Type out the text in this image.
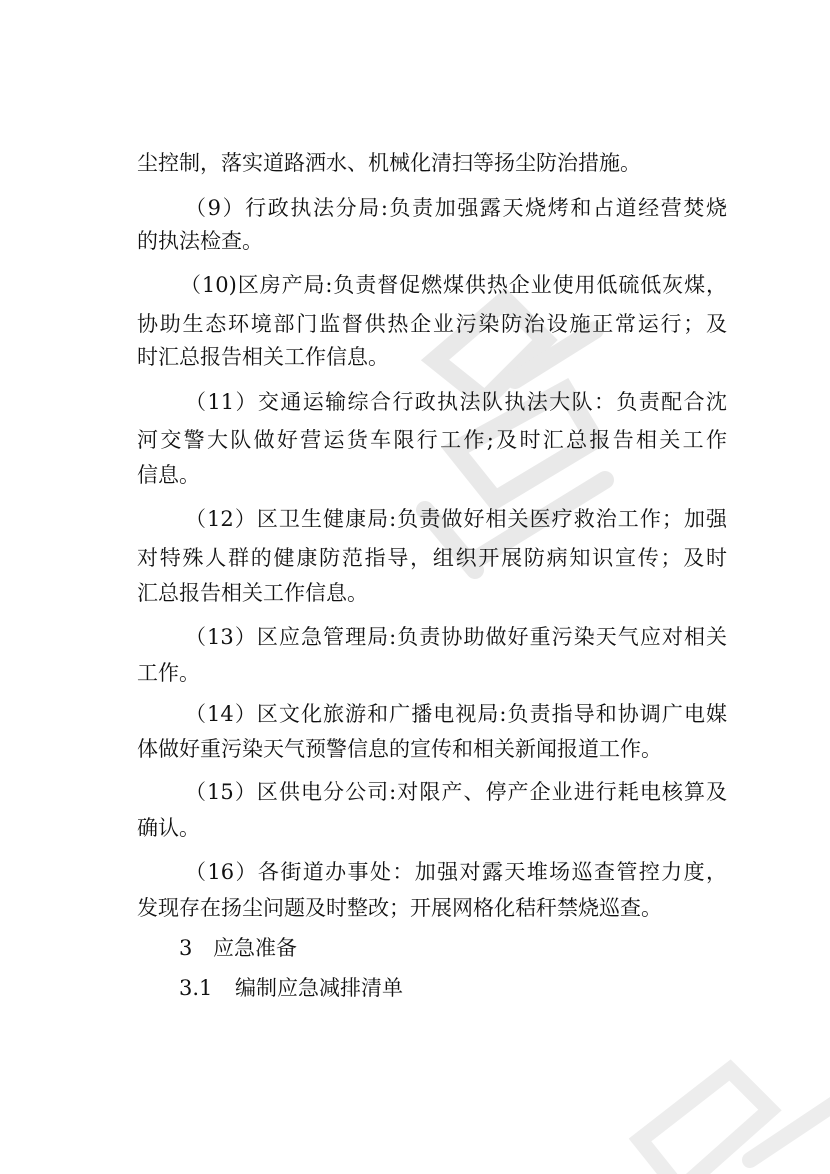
尘控制，落实道路洒水、机械化清扫等扬尘防治措施。
（9）行政执法分局:负责加强露天烧烤和占道经营焚烧
的执法检查。
（10)区房产局:负责督促燃煤供热企业使用低硫低灰煤，
协助生态环境部门监督供热企业污染防治设施正常运行；及
时汇总报告相关工作信息。
（11）交通运输综合行政执法队执法大队：负责配合沈
河交警大队做好营运货车限行工作;及时汇总报告相关工作
信息。
（12）区卫生健康局:负责做好相关医疗救治工作；加强
对特殊人群的健康防范指导，组织开展防病知识宣传；及时
汇总报告相关工作信息。
（13）区应急管理局:负责协助做好重污染天气应对相关
工作。
（14）区文化旅游和广播电视局:负责指导和协调广电媒
体做好重污染天气预警信息的宣传和相关新闻报道工作。
（15）区供电分公司:对限产、停产企业进行耗电核算及
确认。
（16）各街道办事处：加强对露天堆场巡查管控力度，
发现存在扬尘问题及时整改；开展网格化秸秆禁烧巡查。
3 应急准备
3.1 编制应急减排清单
